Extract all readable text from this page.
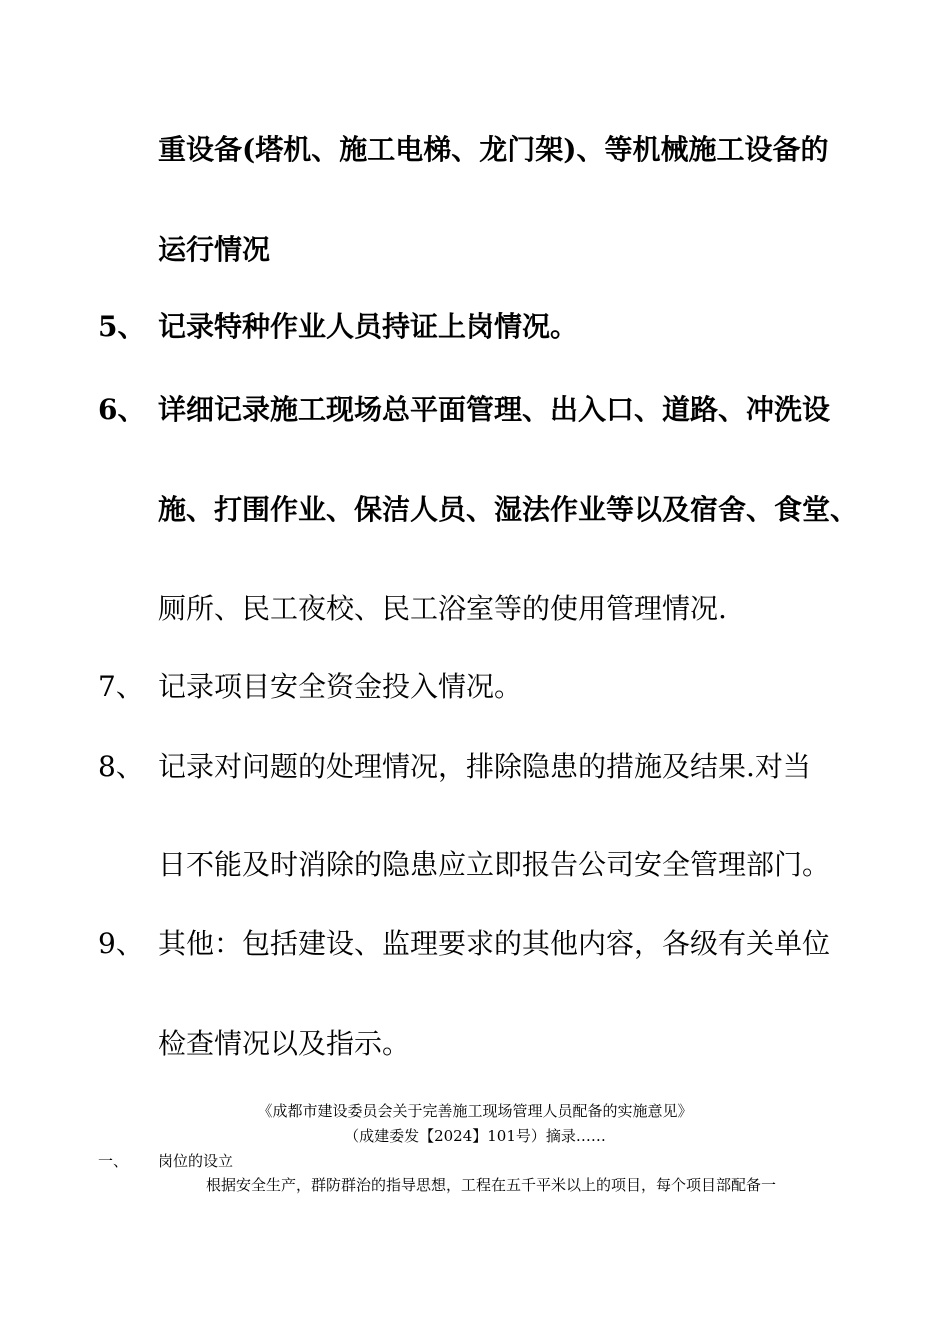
重设备(塔机、施工电梯、龙门架)、等机械施工设备的
运行情况
5、 记录特种作业人员持证上岗情况。
6、 详细记录施工现场总平面管理、出入口、道路、冲洗设
施、打围作业、保洁人员、湿法作业等以及宿舍、食堂、
厕所、民工夜校、民工浴室等的使用管理情况.
7、 记录项目安全资金投入情况。
8、 记录对问题的处理情况，排除隐患的措施及结果.对当
日不能及时消除的隐患应立即报告公司安全管理部门。
9、 其他：包括建设、监理要求的其他内容，各级有关单位
检查情况以及指示。
《成都市建设委员会关于完善施工现场管理人员配备的实施意见》
（成建委发【2024】101号）摘录……
一、 岗位的设立
根据安全生产，群防群治的指导思想，工程在五千平米以上的项目，每个项目部配备一
